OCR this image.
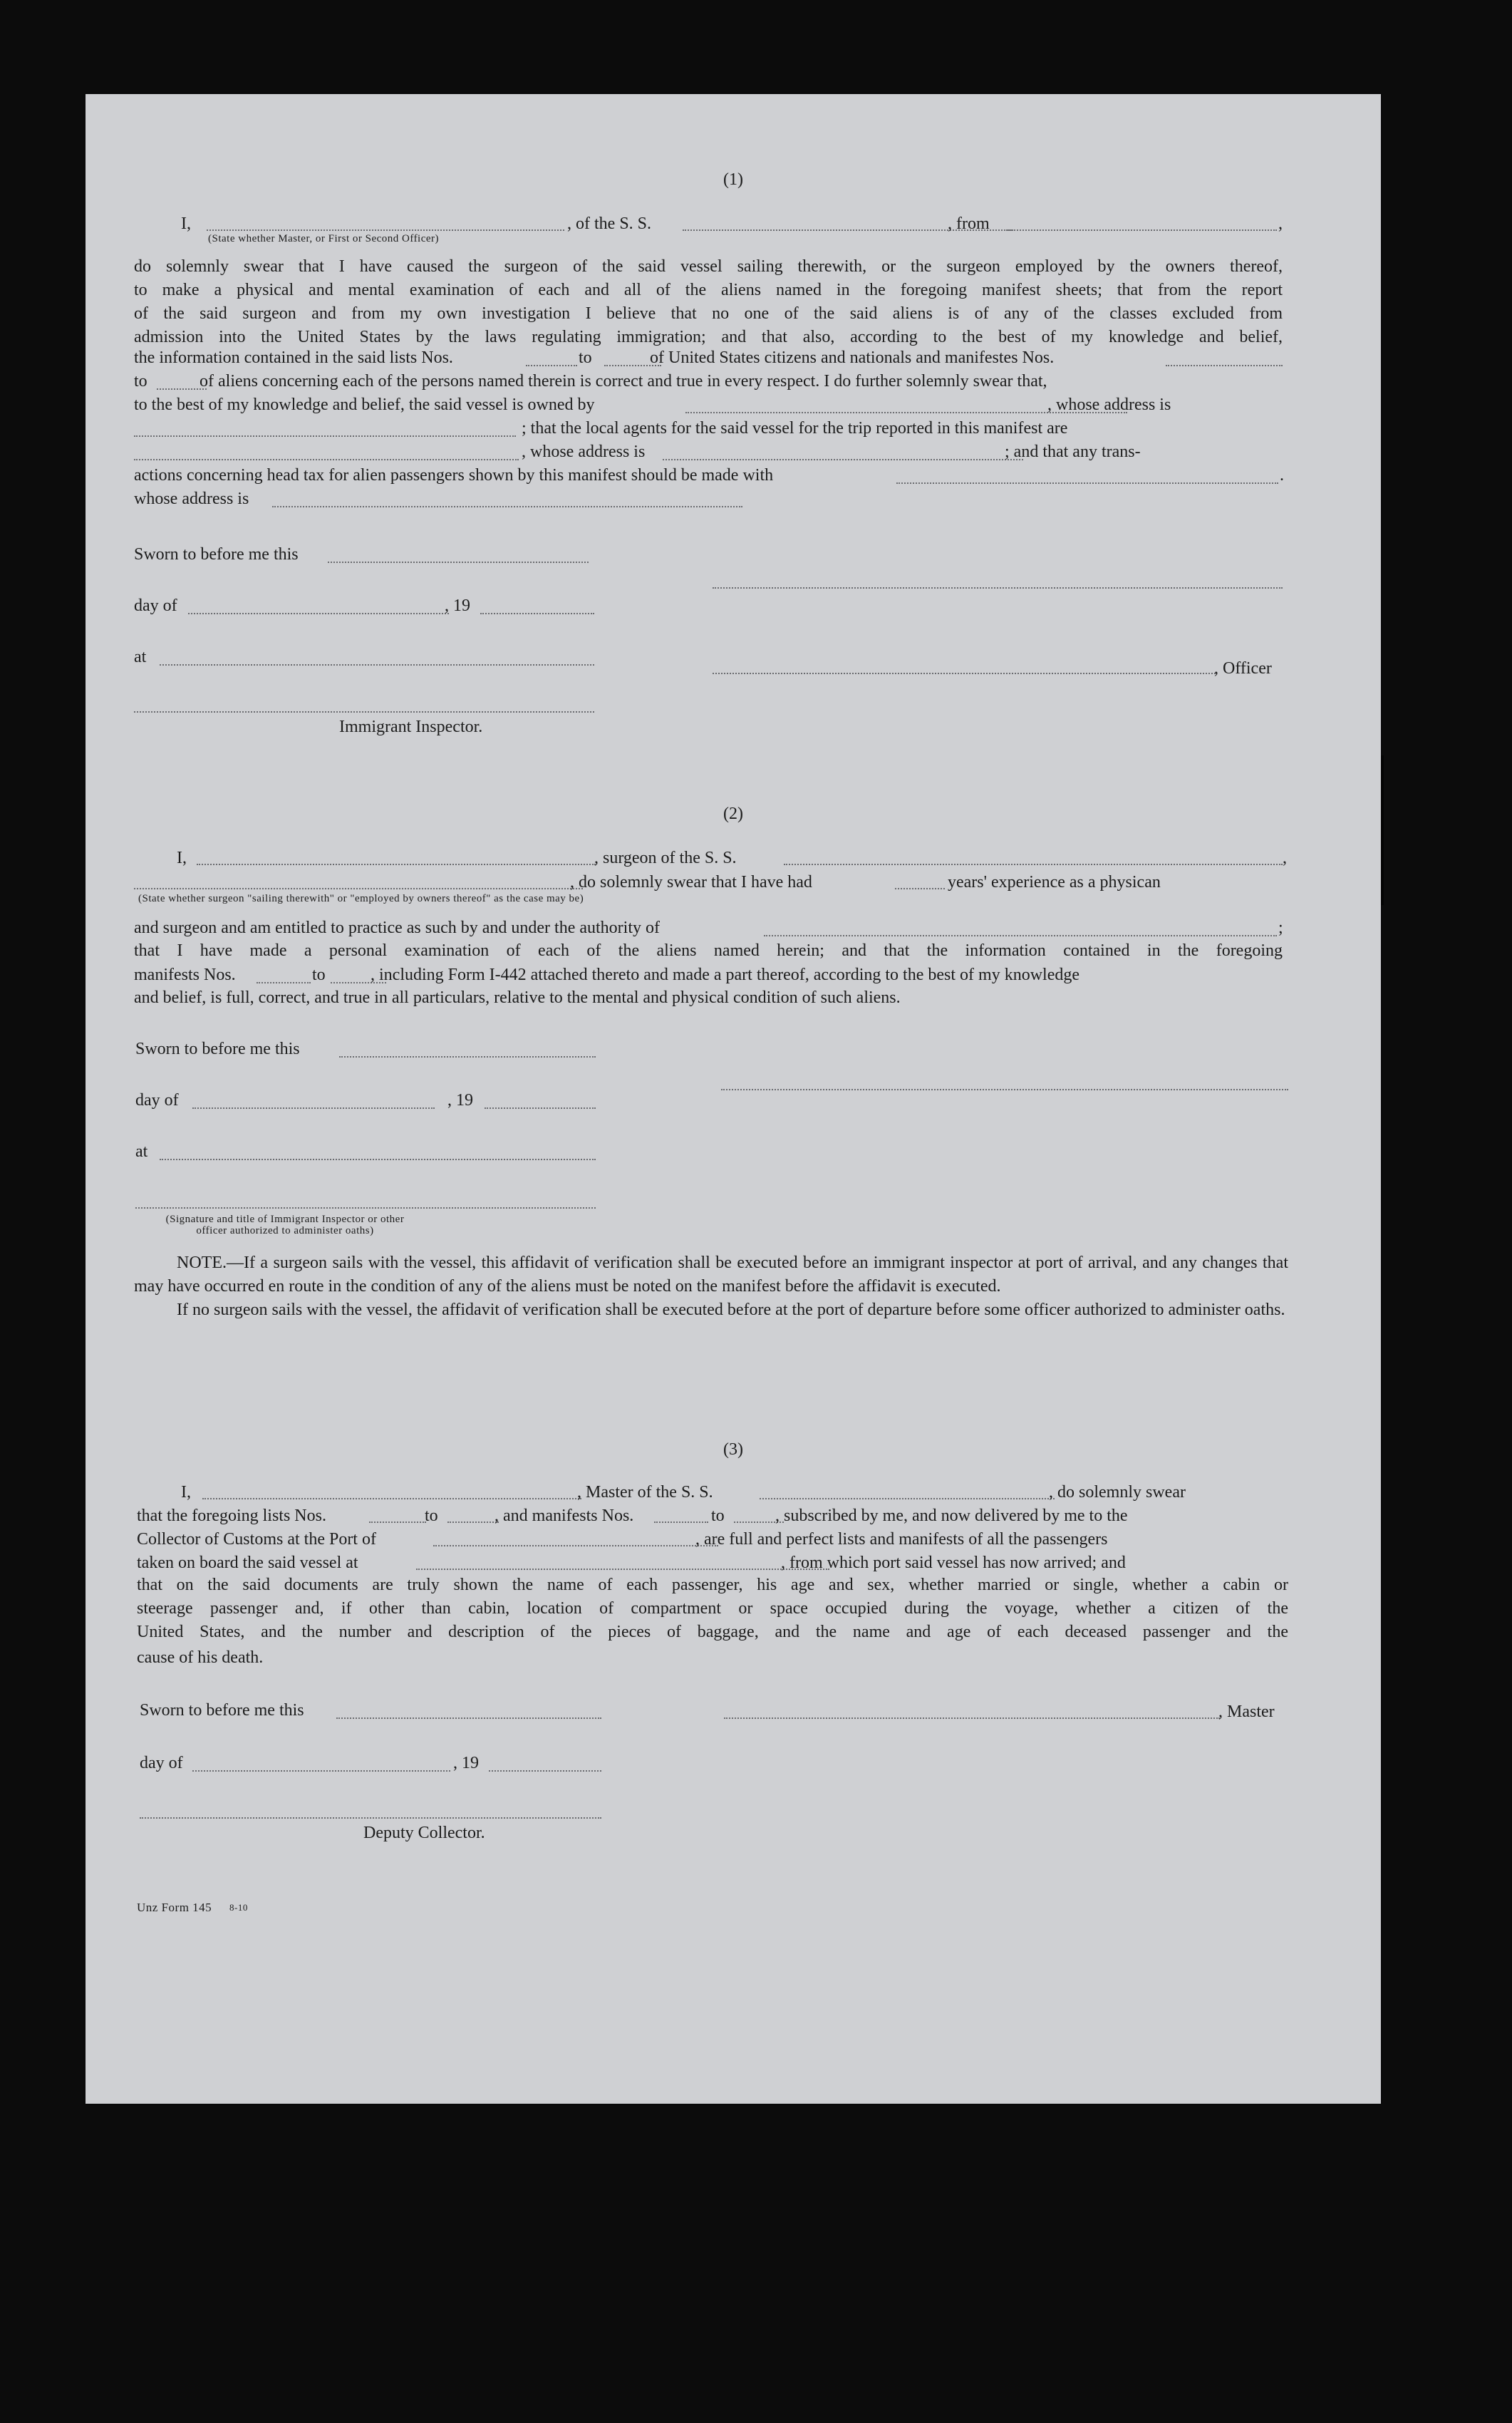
(1)
I,	, of the S. S.	, from	,
(State whether Master, or First or Second Officer)
do solemnly swear that I have caused the surgeon of the said vessel sailing therewith, or the surgeon employed by the owners thereof,
to make a physical and mental examination of each and all of the aliens named in the foregoing manifest sheets; that from the report
of the said surgeon and from my own investigation I believe that no one of the said aliens is of any of the classes excluded from
admission into the United States by the laws regulating immigration; and that also, according to the best of my knowledge and belief,
the information contained in the said lists Nos.	to	of United States citizens and nationals and manifestes Nos.
to	of aliens concerning each of the persons named therein is correct and true in every respect. I do further solemnly swear that,
to the best of my knowledge and belief, the said vessel is owned by	, whose address is
; that the local agents for the said vessel for the trip reported in this manifest are
, whose address is	; and that any trans-
actions concerning head tax for alien passengers shown by this manifest should be made with	.
whose address is
Sworn to before me this
day of	, 19
at
, Officer
Immigrant Inspector.
(2)
I,	, surgeon of the S. S.	,
, do solemnly swear that I have had	years' experience as a physican
(State whether surgeon "sailing therewith" or "employed by owners thereof" as the case may be)
and surgeon and am entitled to practice as such by and under the authority of	;
that I have made a personal examination of each of the aliens named herein; and that the information contained in the foregoing
manifests Nos.	to	, including Form I-442 attached thereto and made a part thereof, according to the best of my knowledge
and belief, is full, correct, and true in all particulars, relative to the mental and physical condition of such aliens.
Sworn to before me this
day of	, 19
at
(Signature and title of Immigrant Inspector or other
officer authorized to administer oaths)

NOTE.—If a surgeon sails with the vessel, this affidavit of verification shall be executed before an immigrant inspector at port of arrival, and any changes that may have occurred en route in the condition of any of the aliens must be noted on the manifest before the affidavit is executed.

If no surgeon sails with the vessel, the affidavit of verification shall be executed before at the port of departure before some officer authorized to administer oaths.

(3)
I,	, Master of the S. S.	, do solemnly swear
that the foregoing lists Nos.	to	, and manifests Nos.	to	, subscribed by me, and now delivered by me to the
Collector of Customs at the Port of	, are full and perfect lists and manifests of all the passengers
taken on board the said vessel at	, from which port said vessel has now arrived; and
that on the said documents are truly shown the name of each passenger, his age and sex, whether married or single, whether a cabin or
steerage passenger and, if other than cabin, location of compartment or space occupied during the voyage, whether a citizen of the
United States, and the number and description of the pieces of baggage, and the name and age of each deceased passenger and the
cause of his death.
Sworn to before me this	, Master
day of	, 19
Deputy Collector.
Unz Form 145 8-10
